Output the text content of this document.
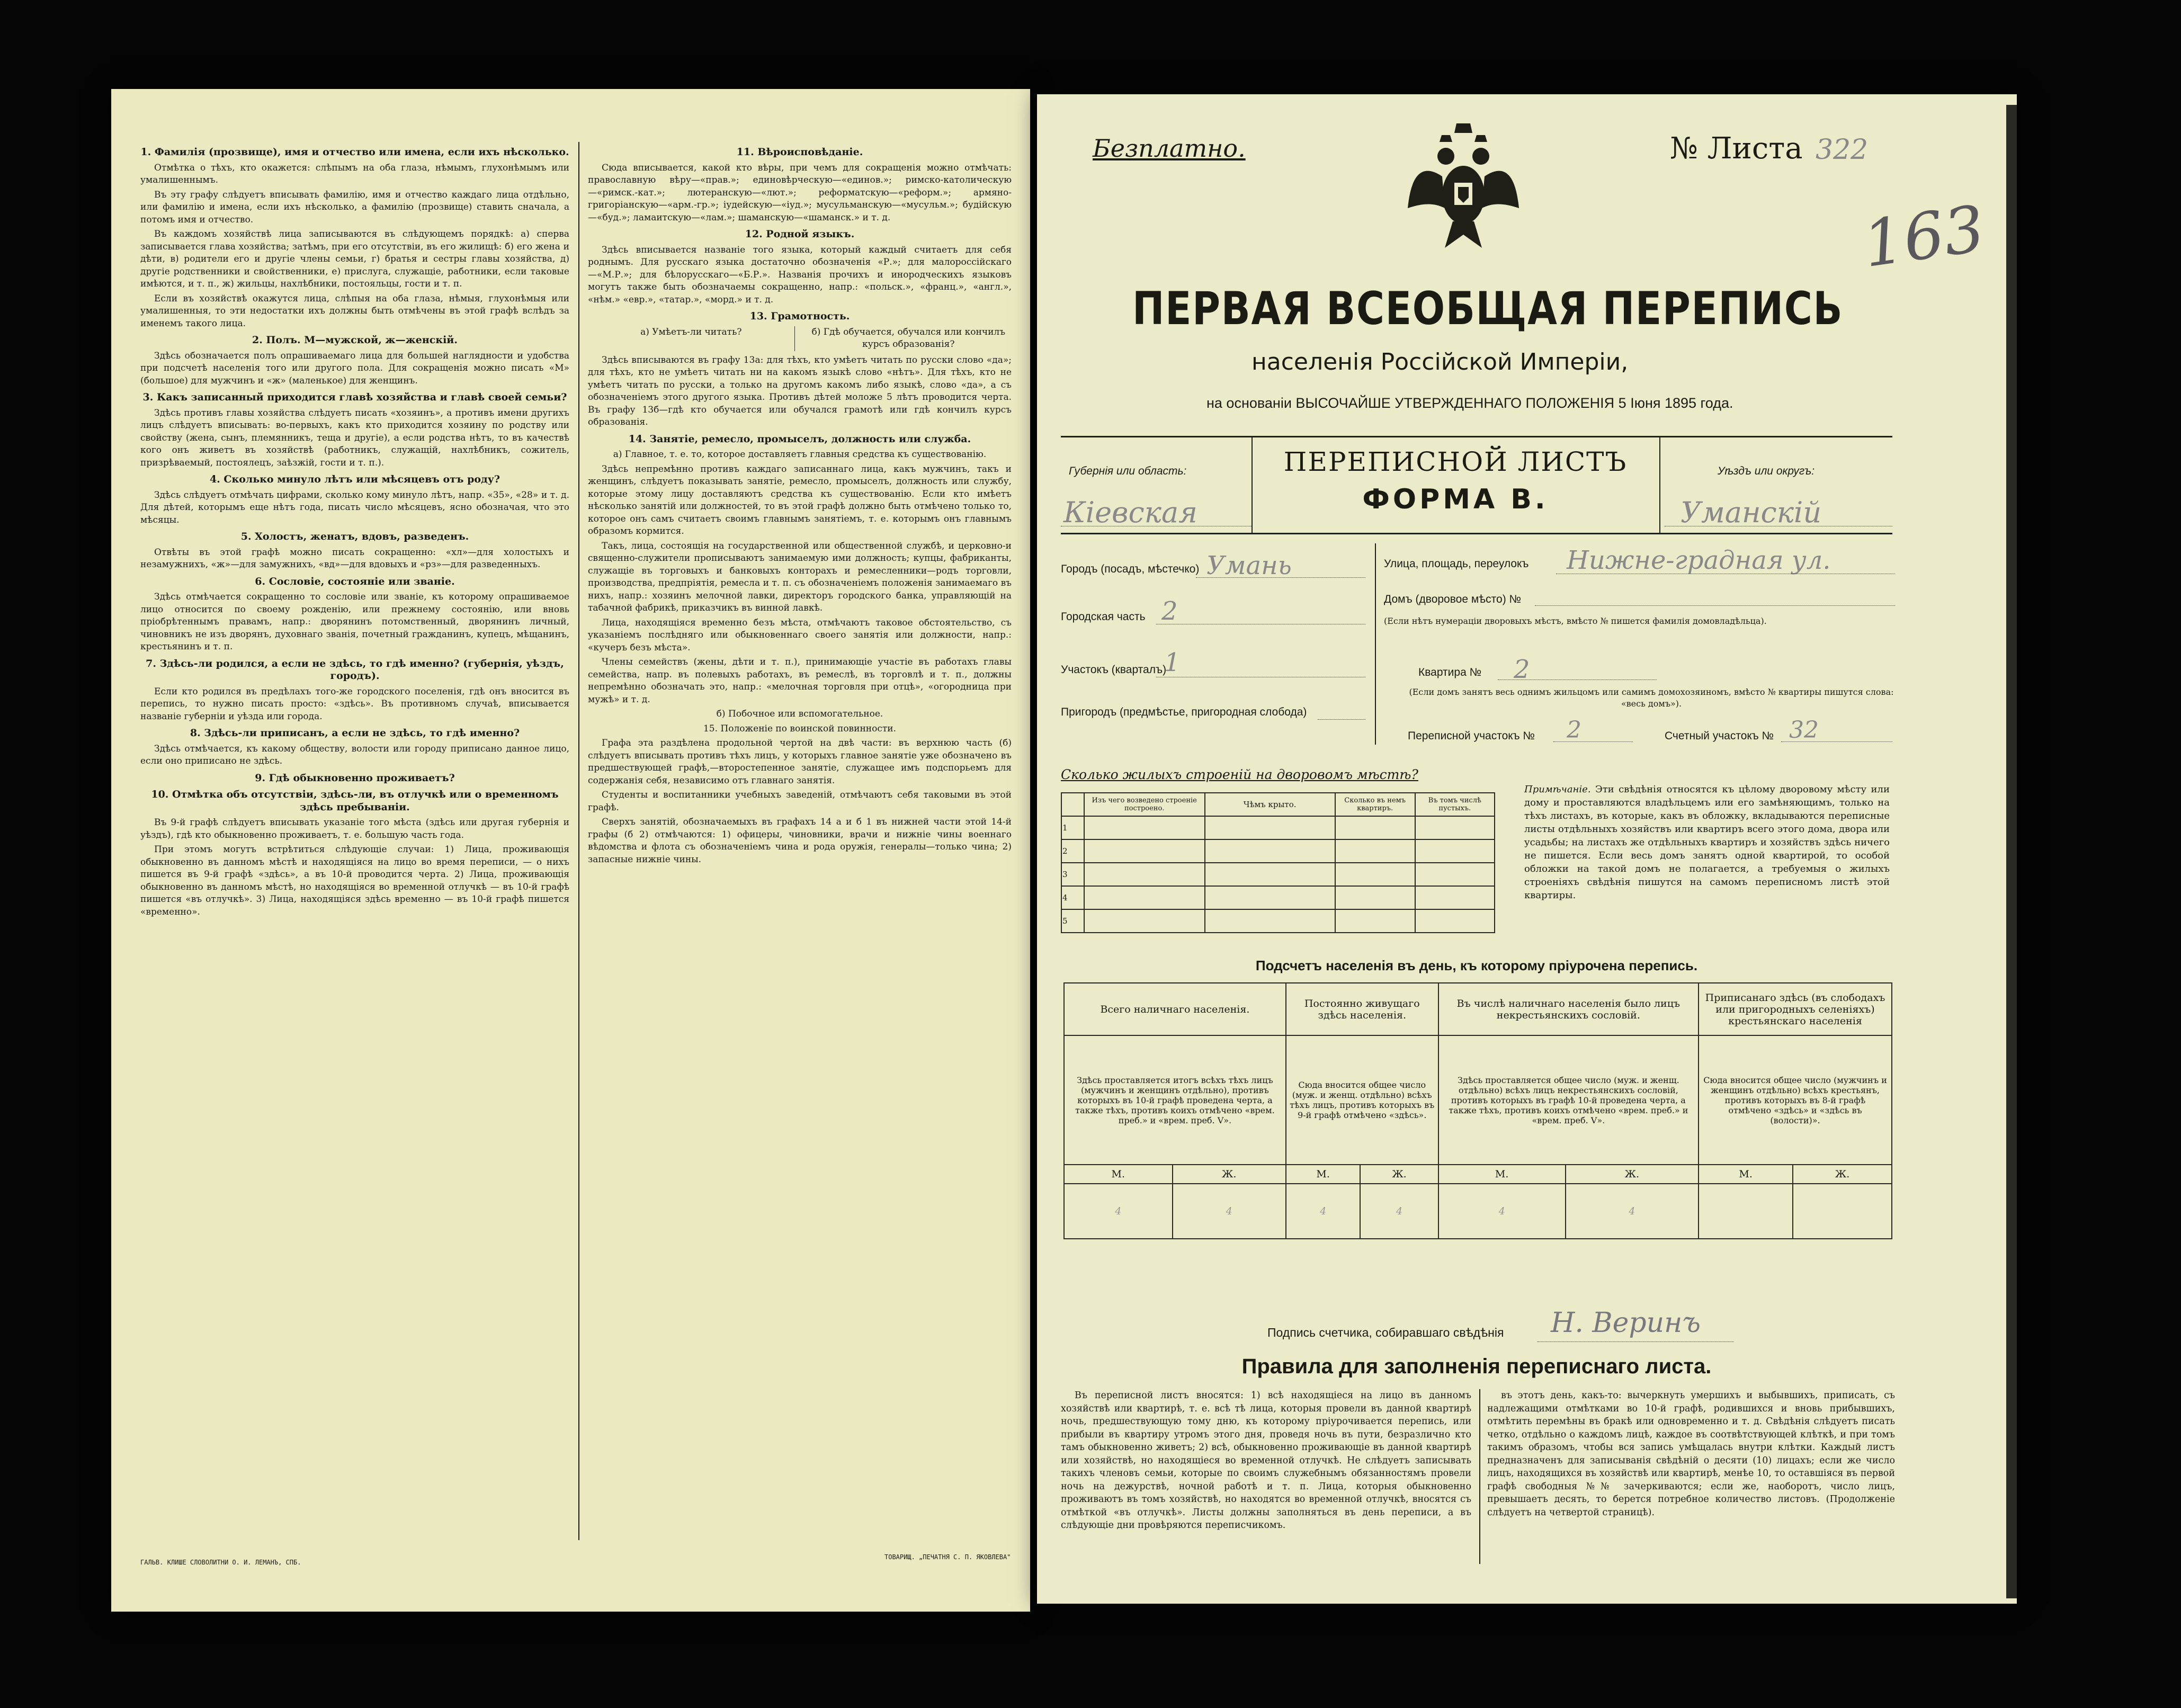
1. Фамилія (прозвище), имя и отчество или имена, если ихъ нѣсколько.

Отмѣтка о тѣхъ, кто окажется: слѣпымъ на оба глаза, нѣмымъ, глухонѣмымъ или умалишеннымъ.

Въ эту графу слѣдуетъ вписывать фамилію, имя и отчество каждаго лица отдѣльно, или фамилію и имена, если ихъ нѣсколько, а фамилію (прозвище) ставить сначала, а потомъ имя и отчество.

Въ каждомъ хозяйствѣ лица записываются въ слѣдующемъ порядкѣ: а) сперва записывается глава хозяйства; затѣмъ, при его отсутствіи, въ его жилищѣ: б) его жена и дѣти, в) родители его и другіе члены семьи, г) братья и сестры главы хозяйства, д) другіе родственники и свойственники, е) прислуга, служащіе, работники, если таковые имѣются, и т. п., ж) жильцы, нахлѣбники, постояльцы, гости и т. п.

Если въ хозяйствѣ окажутся лица, слѣпыя на оба глаза, нѣмыя, глухонѣмыя или умалишенныя, то эти недостатки ихъ должны быть отмѣчены въ этой графѣ вслѣдъ за именемъ такого лица.

2. Полъ. М—мужской, ж—женскій.

Здѣсь обозначается полъ опрашиваемаго лица для большей наглядности и удобства при подсчетѣ населенія того или другого пола. Для сокращенія можно писать «М» (большое) для мужчинъ и «ж» (маленькое) для женщинъ.

3. Какъ записанный приходится главѣ хозяйства и главѣ своей семьи?

Здѣсь противъ главы хозяйства слѣдуетъ писать «хозяинъ», а противъ имени другихъ лицъ слѣдуетъ вписывать: во-первыхъ, какъ кто приходится хозяину по родству или свойству (жена, сынъ, племянникъ, теща и другіе), а если родства нѣтъ, то въ качествѣ кого онъ живетъ въ хозяйствѣ (работникъ, служащій, нахлѣбникъ, сожитель, призрѣваемый, постоялецъ, заѣзжій, гости и т. п.).

4. Сколько минуло лѣтъ или мѣсяцевъ отъ роду?

Здѣсь слѣдуетъ отмѣчать цифрами, сколько кому минуло лѣтъ, напр. «35», «28» и т. д. Для дѣтей, которымъ еще нѣтъ года, писать число мѣсяцевъ, ясно обозначая, что это мѣсяцы.

5. Холостъ, женатъ, вдовъ, разведенъ.

Отвѣты въ этой графѣ можно писать сокращенно: «хл»—для холостыхъ и незамужнихъ, «ж»—для замужнихъ, «вд»—для вдовыхъ и «рз»—для разведенныхъ.

6. Сословіе, состояніе или званіе.

Здѣсь отмѣчается сокращенно то сословіе или званіе, къ которому опрашиваемое лицо относится по своему рожденію, или прежнему состоянію, или вновь пріобрѣтеннымъ правамъ, напр.: дворянинъ потомственный, дворянинъ личный, чиновникъ не изъ дворянъ, духовнаго званія, почетный гражданинъ, купецъ, мѣщанинъ, крестьянинъ и т. п.

7. Здѣсь-ли родился, а если не здѣсь, то гдѣ именно? (губернія, уѣздъ, городъ).

Если кто родился въ предѣлахъ того-же городского поселенія, гдѣ онъ вносится въ перепись, то нужно писать просто: «здѣсь». Въ противномъ случаѣ, вписывается названіе губерніи и уѣзда или города.

8. Здѣсь-ли приписанъ, а если не здѣсь, то гдѣ именно?

Здѣсь отмѣчается, къ какому обществу, волости или городу приписано данное лицо, если оно приписано не здѣсь.

9. Гдѣ обыкновенно проживаетъ?
10. Отмѣтка объ отсутствіи, здѣсь-ли, въ отлучкѣ или о временномъ здѣсь пребываніи.

Въ 9-й графѣ слѣдуетъ вписывать указаніе того мѣста (здѣсь или другая губернія и уѣздъ), гдѣ кто обыкновенно проживаетъ, т. е. большую часть года.

При этомъ могутъ встрѣтиться слѣдующіе случаи: 1) Лица, проживающія обыкновенно въ данномъ мѣстѣ и находящіяся на лицо во время переписи, — о нихъ пишется въ 9-й графѣ «здѣсь», а въ 10-й проводится черта. 2) Лица, проживающія обыкновенно въ данномъ мѣстѣ, но находящіяся во временной отлучкѣ — въ 10-й графѣ пишется «въ отлучкѣ». 3) Лица, находящіяся здѣсь временно — въ 10-й графѣ пишется «временно».

11. Вѣроисповѣданіе.

Сюда вписывается, какой кто вѣры, при чемъ для сокращенія можно отмѣчать: православную вѣру—«прав.»; единовѣрческую—«единов.»; римско-католическую—«римск.-кат.»; лютеранскую—«лют.»; реформатскую—«реформ.»; армяно-григоріанскую—«арм.-гр.»; іудейскую—«іуд.»; мусульманскую—«мусульм.»; будійскую—«буд.»; ламаитскую—«лам.»; шаманскую—«шаманск.» и т. д.

12. Родной языкъ.

Здѣсь вписывается названіе того языка, который каждый считаетъ для себя роднымъ. Для русскаго языка достаточно обозначенія «Р.»; для малороссійскаго—«М.Р.»; для бѣлорусскаго—«Б.Р.». Названія прочихъ и инородческихъ языковъ могутъ также быть обозначаемы сокращенно, напр.: «польск.», «франц.», «англ.», «нѣм.» «евр.», «татар.», «морд.» и т. д.

13. Грамотность.
а) Умѣетъ-ли читать?	б) Гдѣ обучается, обучался или кончилъ курсъ образованія?

Здѣсь вписываются въ графу 13а: для тѣхъ, кто умѣетъ читать по русски слово «да»; для тѣхъ, кто не умѣетъ читать ни на какомъ языкѣ слово «нѣтъ». Для тѣхъ, кто не умѣетъ читать по русски, а только на другомъ какомъ либо языкѣ, слово «да», а съ обозначеніемъ этого другого языка. Противъ дѣтей моложе 5 лѣтъ проводится черта. Въ графу 13б—гдѣ кто обучается или обучался грамотѣ или гдѣ кончилъ курсъ образованія.

14. Занятіе, ремесло, промыселъ, должность или служба.

а) Главное, т. е. то, которое доставляетъ главныя средства къ существованію.

Здѣсь непремѣнно противъ каждаго записаннаго лица, какъ мужчинъ, такъ и женщинъ, слѣдуетъ показывать занятіе, ремесло, промыселъ, должность или службу, которые этому лицу доставляютъ средства къ существованію. Если кто имѣетъ нѣсколько занятій или должностей, то въ этой графѣ должно быть отмѣчено только то, которое онъ самъ считаетъ своимъ главнымъ занятіемъ, т. е. которымъ онъ главнымъ образомъ кормится.

Такъ, лица, состоящія на государственной или общественной службѣ, и церковно-и священно-служители прописываютъ занимаемую ими должность; купцы, фабриканты, служащіе въ торговыхъ и банковыхъ конторахъ и ремесленники—родъ торговли, производства, предпріятія, ремесла и т. п. съ обозначеніемъ положенія занимаемаго въ нихъ, напр.: хозяинъ мелочной лавки, директоръ городского банка, управляющій на табачной фабрикѣ, приказчикъ въ винной лавкѣ.

Лица, находящіяся временно безъ мѣста, отмѣчаютъ таковое обстоятельство, съ указаніемъ послѣдняго или обыкновеннаго своего занятія или должности, напр.: «кучеръ безъ мѣста».

Члены семействъ (жены, дѣти и т. п.), принимающіе участіе въ работахъ главы семейства, напр. въ полевыхъ работахъ, въ ремеслѣ, въ торговлѣ и т. п., должны непремѣнно обозначать это, напр.: «мелочная торговля при отцѣ», «огородница при мужѣ» и т. д.

б) Побочное или вспомогательное.

15. Положеніе по воинской повинности.

Графа эта раздѣлена продольной чертой на двѣ части: въ верхнюю часть (б) слѣдуетъ вписывать противъ тѣхъ лицъ, у которыхъ главное занятіе уже обозначено въ предшествующей графѣ,—второстепенное занятіе, служащее имъ подспорьемъ для содержанія себя, независимо отъ главнаго занятія.

Студенты и воспитанники учебныхъ заведеній, отмѣчаютъ себя таковыми въ этой графѣ.

Сверхъ занятій, обозначаемыхъ въ графахъ 14 а и б 1 въ нижней части этой 14-й графы (б 2) отмѣчаются: 1) офицеры, чиновники, врачи и нижніе чины военнаго вѣдомства и флота съ обозначеніемъ чина и рода оружія, генералы—только чина; 2) запасные нижніе чины.

ГАЛЬВ. КЛИШЕ СЛОВОЛИТНИ О. И. ЛЕМАНЪ, СПБ.
ТОВАРИЩ. „ПЕЧАТНЯ С. П. ЯКОВЛЕВА"
Безплатно.	№ Листа 322
163
ПЕРВАЯ ВСЕОБЩАЯ ПЕРЕПИСЬ
населенія Россійской Имперіи,
на основаніи ВЫСОЧАЙШЕ УТВЕРЖДЕННАГО ПОЛОЖЕНІЯ 5 Іюня 1895 года.
Губернія или область:
Кіевская
ПЕРЕПИСНОЙ ЛИСТЪ
ФОРМА В.
Уѣздъ или округъ:
Уманскій
Городъ (посадъ, мѣстечко) Умань
Городская часть 2
Участокъ (кварталъ)
1
Пригородъ (предмѣстье, пригородная слобода)
Улица, площадь, переулокъ Нижне-градная ул.
Домъ (дворовое мѣсто) №
(Если нѣтъ нумераціи дворовыхъ мѣстъ, вмѣсто № пишется фамилія домовладѣльца).
Квартира № 2
(Если домъ занятъ весь однимъ жильцомъ или самимъ домохозяиномъ, вмѣсто № квартиры пишутся слова: «весь домъ»).
Переписной участокъ № 2	Счетный участокъ № 32
Сколько жилыхъ строеній на дворовомъ мѣстѣ?
	Изъ чего возведено строеніе построено.	Чѣмъ крыто.	Сколько въ немъ квартиръ.	Въ томъ числѣ пустыхъ.
1				
2				
3				
4				
5				
Примѣчаніе. Эти свѣдѣнія относятся къ цѣлому дворовому мѣсту или дому и проставляются владѣльцемъ или его замѣняющимъ, только на тѣхъ листахъ, въ которые, какъ въ обложку, вкладываются переписные листы отдѣльныхъ хозяйствъ или квартиръ всего этого дома, двора или усадьбы; на листахъ же отдѣльныхъ квартиръ и хозяйствъ здѣсь ничего не пишется. Если весь домъ занятъ одной квартирой, то особой обложки на такой домъ не полагается, а требуемыя о жилыхъ строеніяхъ свѣдѣнія пишутся на самомъ переписномъ листѣ этой квартиры.
Подсчетъ населенія въ день, къ которому пріурочена перепись.
Всего наличнаго населенія.		Постоянно живущаго здѣсь населенія.		Въ числѣ наличнаго населенія было лицъ некрестьянскихъ сословій.		Приписанаго здѣсь (въ слободахъ или пригородныхъ селеніяхъ) крестьянскаго населенія	
Здѣсь проставляется итогъ всѣхъ тѣхъ лицъ (мужчинъ и женщинъ отдѣльно), противъ которыхъ въ 10-й графѣ проведена черта, а также тѣхъ, противъ коихъ отмѣчено «врем. преб.» и «врем. преб. V».		Сюда вносится общее число (муж. и женщ. отдѣльно) всѣхъ тѣхъ лицъ, противъ которыхъ въ 9-й графѣ отмѣчено «здѣсь».		Здѣсь проставляется общее число (муж. и женщ. отдѣльно) всѣхъ лицъ некрестьянскихъ сословій, противъ которыхъ въ графѣ 10-й проведена черта, а также тѣхъ, противъ коихъ отмѣчено «врем. преб.» и «врем. преб. V».		Сюда вносится общее число (мужчинъ и женщинъ отдѣльно) всѣхъ крестьянъ, противъ которыхъ въ 8-й графѣ отмѣчено «здѣсь» и «здѣсь въ (волости)».	
М.	Ж.	М.	Ж.	М.	Ж.	М.	Ж.
4	4	4	4	4	4		
Подпись счетчика, собиравшаго свѣдѣнія Н. Веринъ
Правила для заполненія переписнаго листа.

Въ переписной листъ вносятся: 1) всѣ находящіеся на лицо въ данномъ хозяйствѣ или квартирѣ, т. е. всѣ тѣ лица, которыя провели въ данной квартирѣ ночь, предшествующую тому дню, къ которому пріурочивается перепись, или прибыли въ квартиру утромъ этого дня, проведя ночь въ пути, безразлично кто тамъ обыкновенно живетъ; 2) всѣ, обыкновенно проживающіе въ данной квартирѣ или хозяйствѣ, но находящіеся во временной отлучкѣ. Не слѣдуетъ записывать такихъ членовъ семьи, которые по своимъ служебнымъ обязанностямъ провели ночь на дежурствѣ, ночной работѣ и т. п. Лица, которыя обыкновенно проживаютъ въ томъ хозяйствѣ, но находятся во временной отлучкѣ, вносятся съ отмѣткой «въ отлучкѣ». Листы должны заполняться въ день переписи, а въ слѣдующіе дни провѣряются переписчикомъ.

въ этотъ день, какъ-то: вычеркнуть умершихъ и выбывшихъ, приписать, съ надлежащими отмѣтками во 10-й графѣ, родившихся и вновь прибывшихъ, отмѣтить перемѣны въ бракѣ или одновременно и т. д. Свѣдѣнія слѣдуетъ писать четко, отдѣльно о каждомъ лицѣ, каждое въ соотвѣтствующей клѣткѣ, и при томъ такимъ образомъ, чтобы вся запись умѣщалась внутри клѣтки. Каждый листъ предназначенъ для записыванія свѣдѣній о десяти (10) лицахъ; если же число лицъ, находящихся въ хозяйствѣ или квартирѣ, менѣе 10, то оставшіяся въ первой графѣ свободныя №№ зачеркиваются; если же, наоборотъ, число лицъ, превышаетъ десять, то берется потребное количество листовъ. (Продолженіе слѣдуетъ на четвертой страницѣ).
